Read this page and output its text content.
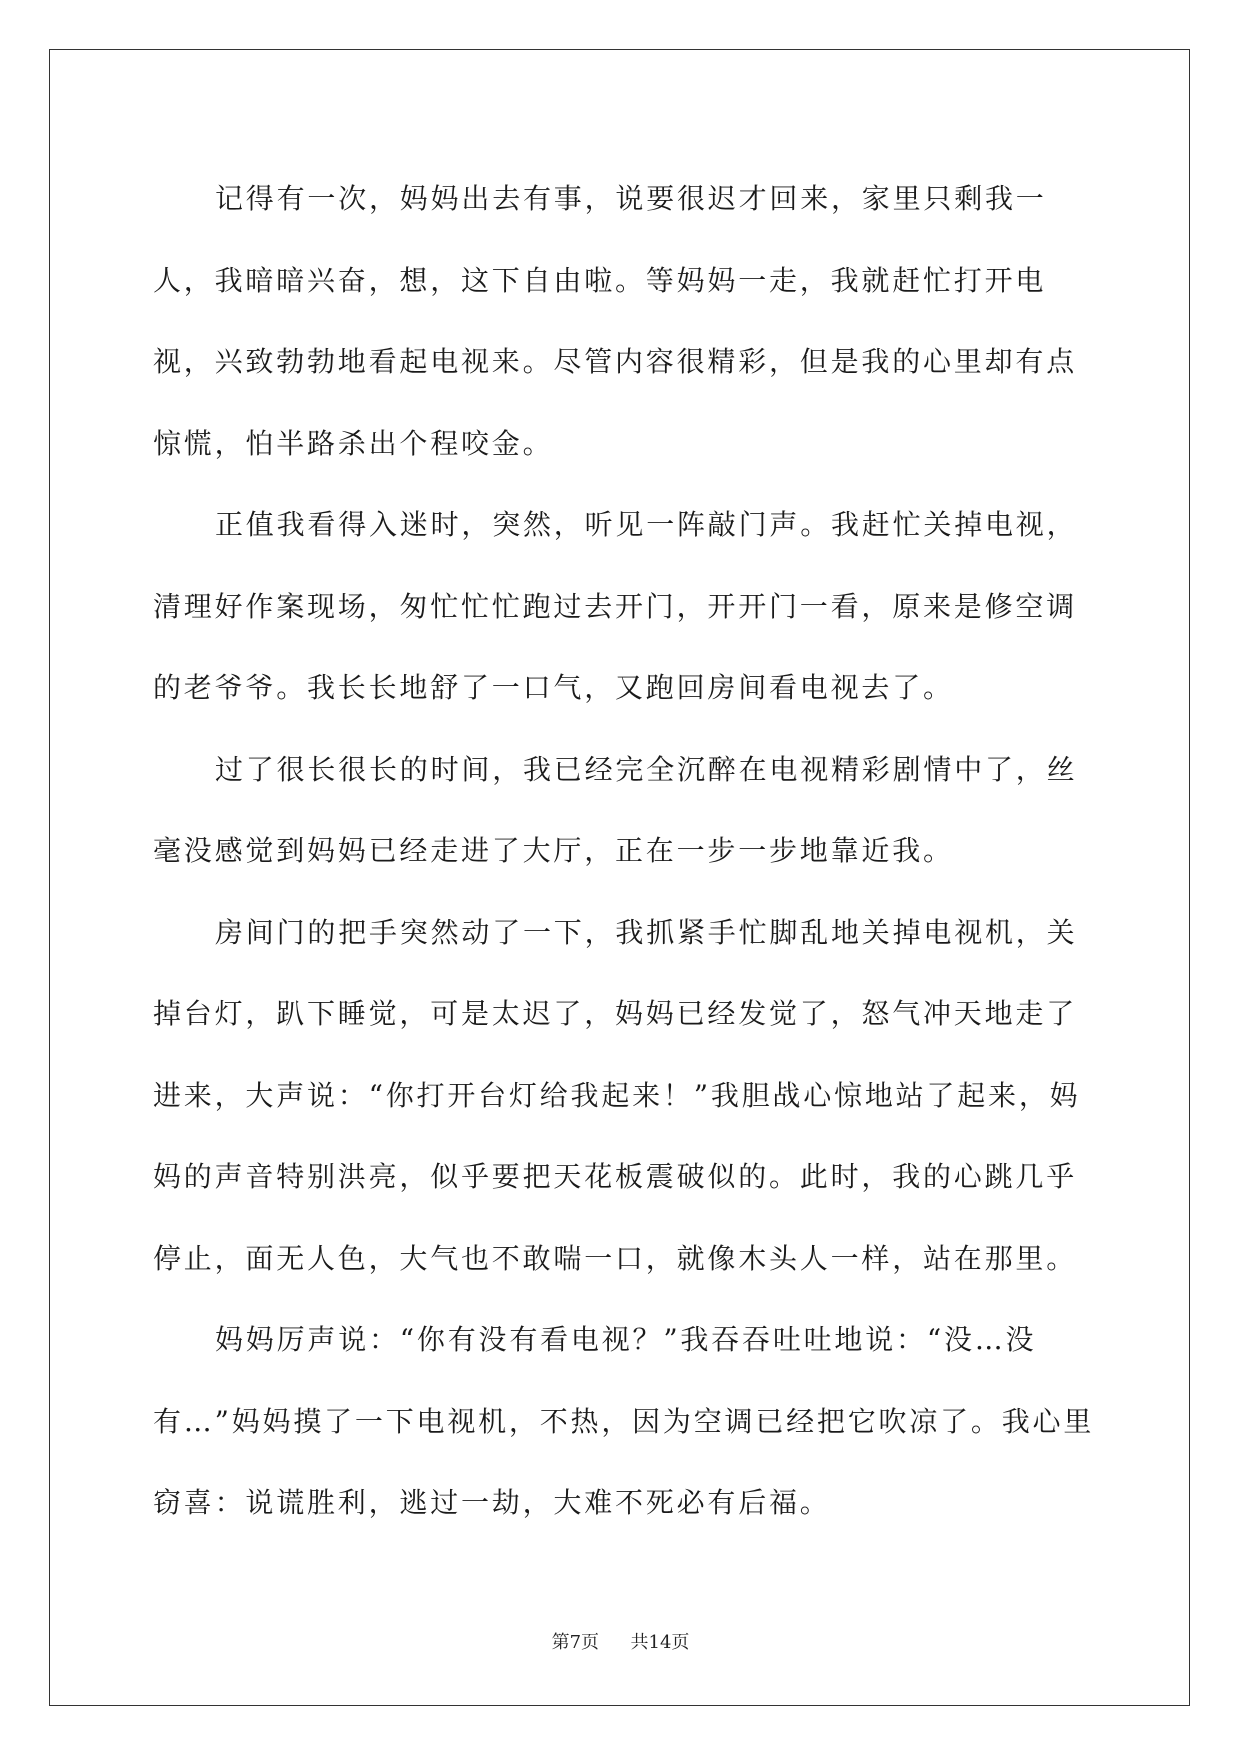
记得有一次，妈妈出去有事，说要很迟才回来，家里只剩我一人，我暗暗兴奋，想，这下自由啦。等妈妈一走，我就赶忙打开电视，兴致勃勃地看起电视来。尽管内容很精彩，但是我的心里却有点惊慌，怕半路杀出个程咬金。

正值我看得入迷时，突然，听见一阵敲门声。我赶忙关掉电视，清理好作案现场，匆忙忙忙跑过去开门，开开门一看，原来是修空调的老爷爷。我长长地舒了一口气，又跑回房间看电视去了。

过了很长很长的时间，我已经完全沉醉在电视精彩剧情中了，丝毫没感觉到妈妈已经走进了大厅，正在一步一步地靠近我。

房间门的把手突然动了一下，我抓紧手忙脚乱地关掉电视机，关掉台灯，趴下睡觉，可是太迟了，妈妈已经发觉了，怒气冲天地走了进来，大声说：“你打开台灯给我起来！”我胆战心惊地站了起来，妈妈的声音特别洪亮，似乎要把天花板震破似的。此时，我的心跳几乎停止，面无人色，大气也不敢喘一口，就像木头人一样，站在那里。

妈妈厉声说：“你有没有看电视？”我吞吞吐吐地说：“没…没有…”妈妈摸了一下电视机，不热，因为空调已经把它吹凉了。我心里窃喜：说谎胜利，逃过一劫，大难不死必有后福。

第7页 共14页
